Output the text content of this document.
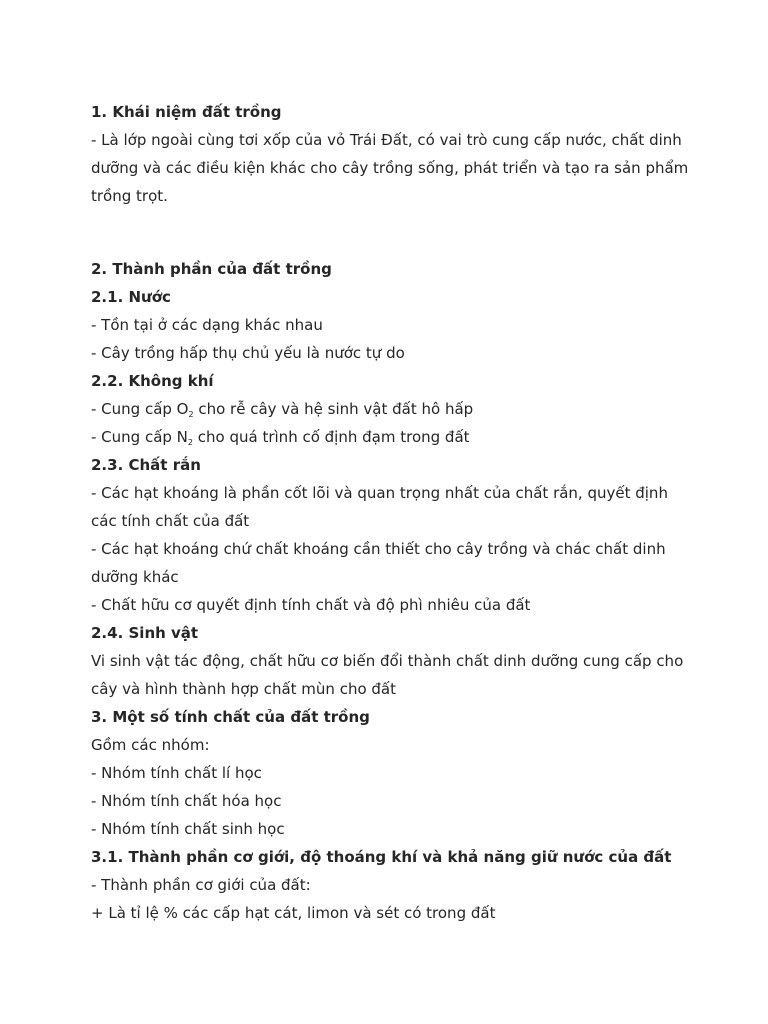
1. Khái niệm đất trồng

- Là lớp ngoài cùng tơi xốp của vỏ Trái Đất, có vai trò cung cấp nước, chất dinh dưỡng và các điều kiện khác cho cây trồng sống, phát triển và tạo ra sản phẩm trồng trọt.

2. Thành phần của đất trồng

2.1. Nước

- Tồn tại ở các dạng khác nhau

- Cây trồng hấp thụ chủ yếu là nước tự do

2.2. Không khí

- Cung cấp $O_2$ cho rễ cây và hệ sinh vật đất hô hấp

- Cung cấp $N_2$ cho quá trình cố định đạm trong đất

2.3. Chất rắn

- Các hạt khoáng là phần cốt lõi và quan trọng nhất của chất rắn, quyết định các tính chất của đất

- Các hạt khoáng chứ chất khoáng cần thiết cho cây trồng và chác chất dinh dưỡng khác

- Chất hữu cơ quyết định tính chất và độ phì nhiêu của đất

2.4. Sinh vật

Vi sinh vật tác động, chất hữu cơ biến đổi thành chất dinh dưỡng cung cấp cho cây và hình thành hợp chất mùn cho đất

3. Một số tính chất của đất trồng

Gồm các nhóm:

- Nhóm tính chất lí học

- Nhóm tính chất hóa học

- Nhóm tính chất sinh học

3.1. Thành phần cơ giới, độ thoáng khí và khả năng giữ nước của đất

- Thành phần cơ giới của đất:

+ Là tỉ lệ % các cấp hạt cát, limon và sét có trong đất
